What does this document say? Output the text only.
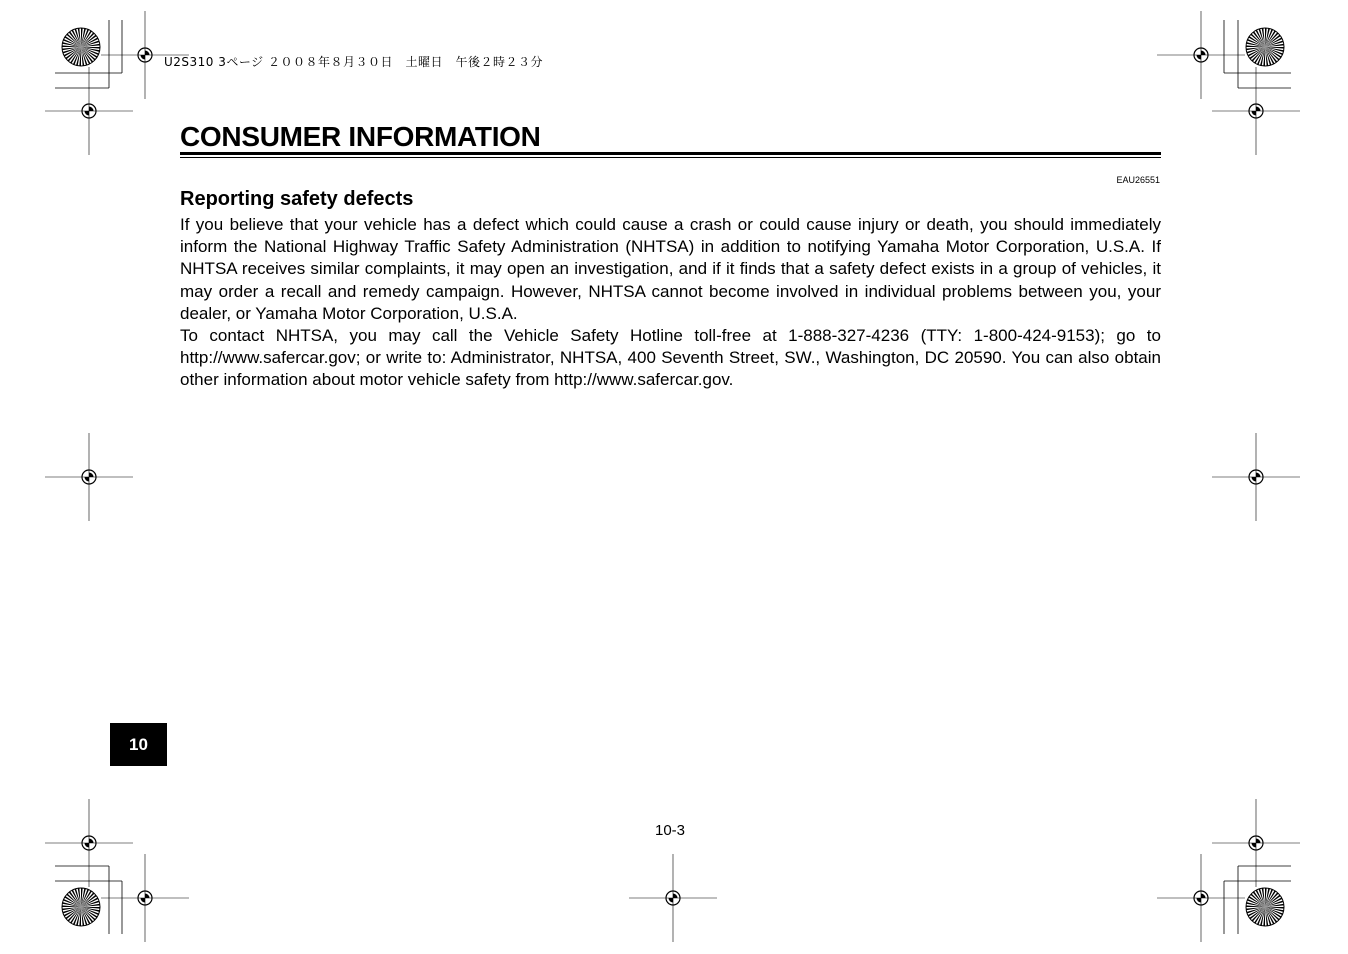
U2S310 3ページ ２００８年８月３０日　土曜日　午後２時２３分
CONSUMER INFORMATION
EAU26551
Reporting safety defects

If you believe that your vehicle has a defect which could cause a crash or could cause injury or death, you should immediately inform the National Highway Traffic Safety Administration (NHTSA) in addition to notifying Yamaha Motor Corporation, U.S.A. If NHTSA receives similar complaints, it may open an investigation, and if it finds that a safety defect exists in a group of vehicles, it may order a recall and remedy campaign. However, NHTSA cannot become involved in individual problems between you, your dealer, or Yamaha Motor Corporation, U.S.A.

To contact NHTSA, you may call the Vehicle Safety Hotline toll-free at 1-888-327-4236 (TTY: 1-800-424-9153); go to http://www.safercar.gov; or write to: Administrator, NHTSA, 400 Seventh Street, SW., Washington, DC 20590. You can also obtain other information about motor vehicle safety from http://www.safercar.gov.

10
10-3
